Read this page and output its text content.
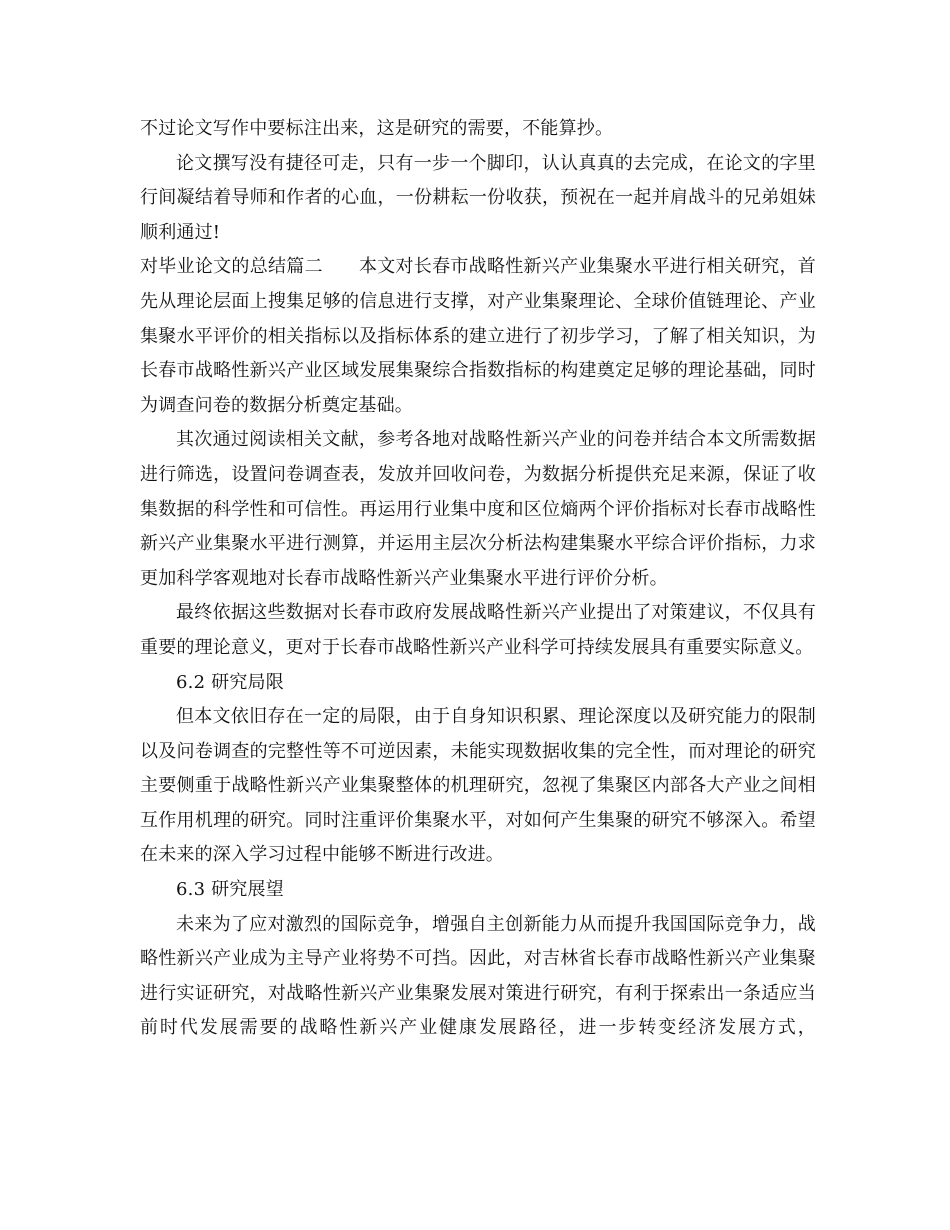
不过论文写作中要标注出来，这是研究的需要，不能算抄。

论文撰写没有捷径可走，只有一步一个脚印，认认真真的去完成，在论文的字里行间凝结着导师和作者的心血，一份耕耘一份收获，预祝在一起并肩战斗的兄弟姐妹顺利通过!

对毕业论文的总结篇二 本文对长春市战略性新兴产业集聚水平进行相关研究，首先从理论层面上搜集足够的信息进行支撑，对产业集聚理论、全球价值链理论、产业集聚水平评价的相关指标以及指标体系的建立进行了初步学习，了解了相关知识，为长春市战略性新兴产业区域发展集聚综合指数指标的构建奠定足够的理论基础，同时为调查问卷的数据分析奠定基础。

其次通过阅读相关文献，参考各地对战略性新兴产业的问卷并结合本文所需数据进行筛选，设置问卷调查表，发放并回收问卷，为数据分析提供充足来源，保证了收集数据的科学性和可信性。再运用行业集中度和区位熵两个评价指标对长春市战略性新兴产业集聚水平进行测算，并运用主层次分析法构建集聚水平综合评价指标，力求更加科学客观地对长春市战略性新兴产业集聚水平进行评价分析。

最终依据这些数据对长春市政府发展战略性新兴产业提出了对策建议，不仅具有重要的理论意义，更对于长春市战略性新兴产业科学可持续发展具有重要实际意义。

6.2 研究局限

但本文依旧存在一定的局限，由于自身知识积累、理论深度以及研究能力的限制以及问卷调查的完整性等不可逆因素，未能实现数据收集的完全性，而对理论的研究主要侧重于战略性新兴产业集聚整体的机理研究，忽视了集聚区内部各大产业之间相互作用机理的研究。同时注重评价集聚水平，对如何产生集聚的研究不够深入。希望在未来的深入学习过程中能够不断进行改进。

6.3 研究展望

未来为了应对激烈的国际竞争，增强自主创新能力从而提升我国国际竞争力，战略性新兴产业成为主导产业将势不可挡。因此，对吉林省长春市战略性新兴产业集聚进行实证研究，对战略性新兴产业集聚发展对策进行研究，有利于探索出一条适应当前时代发展需要的战略性新兴产业健康发展路径，进一步转变经济发展方式，
